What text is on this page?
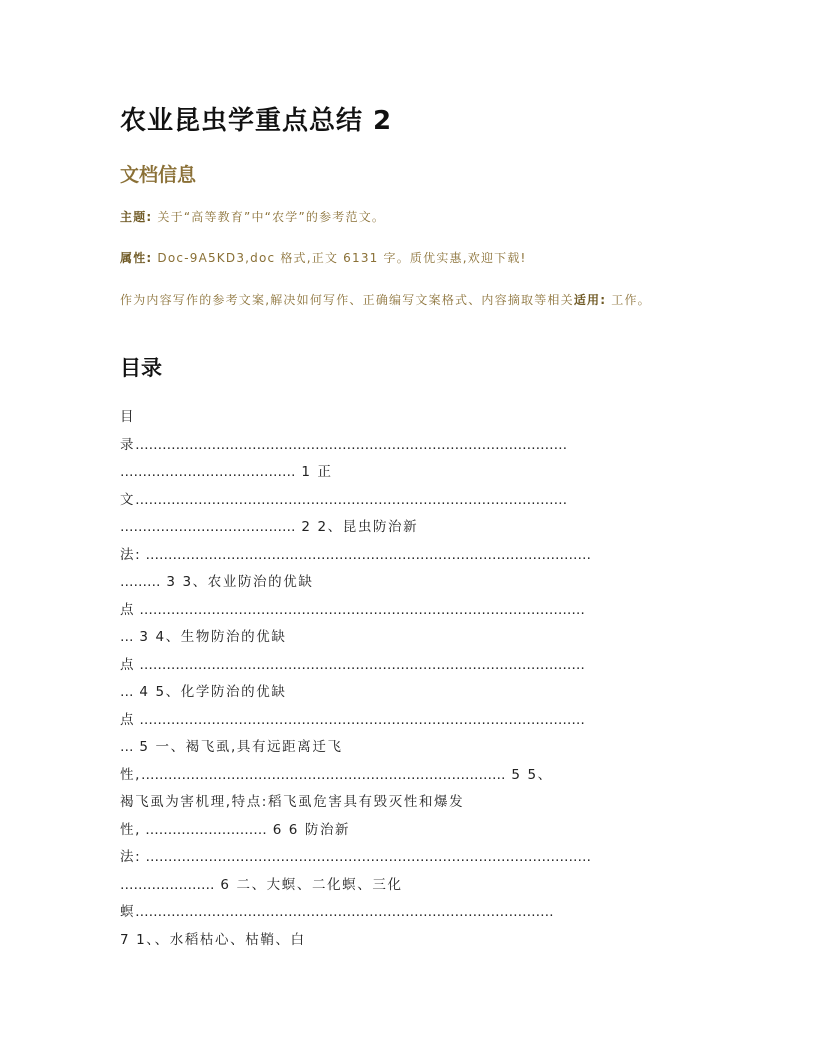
农业昆虫学重点总结 2
文档信息
主题: 关于“高等教育”中“农学”的参考范文。
属性: Doc-9A5KD3,doc 格式,正文 6131 字。质优实惠,欢迎下载!
作为内容写作的参考文案,解决如何写作、正确编写文案格式、内容摘取等相关适用: 工作。
目录
目
录……………………………………………………………………………………
………………………………… 1 正
文……………………………………………………………………………………
………………………………… 2 2、昆虫防治新
法: ………………………………………………………………………………………
……… 3 3、农业防治的优缺
点 ………………………………………………………………………………………
… 3 4、生物防治的优缺
点 ………………………………………………………………………………………
… 4 5、化学防治的优缺
点 ………………………………………………………………………………………
… 5 一、褐飞虱,具有远距离迁飞
性,……………………………………………………………………… 5 5、
褐飞虱为害机理,特点:稻飞虱危害具有毁灭性和爆发
性, ……………………… 6 6 防治新
法: ………………………………………………………………………………………
………………… 6 二、大螟、二化螟、三化
螟…………………………………………………………………………………
7 1、、水稻枯心、枯鞘、白
